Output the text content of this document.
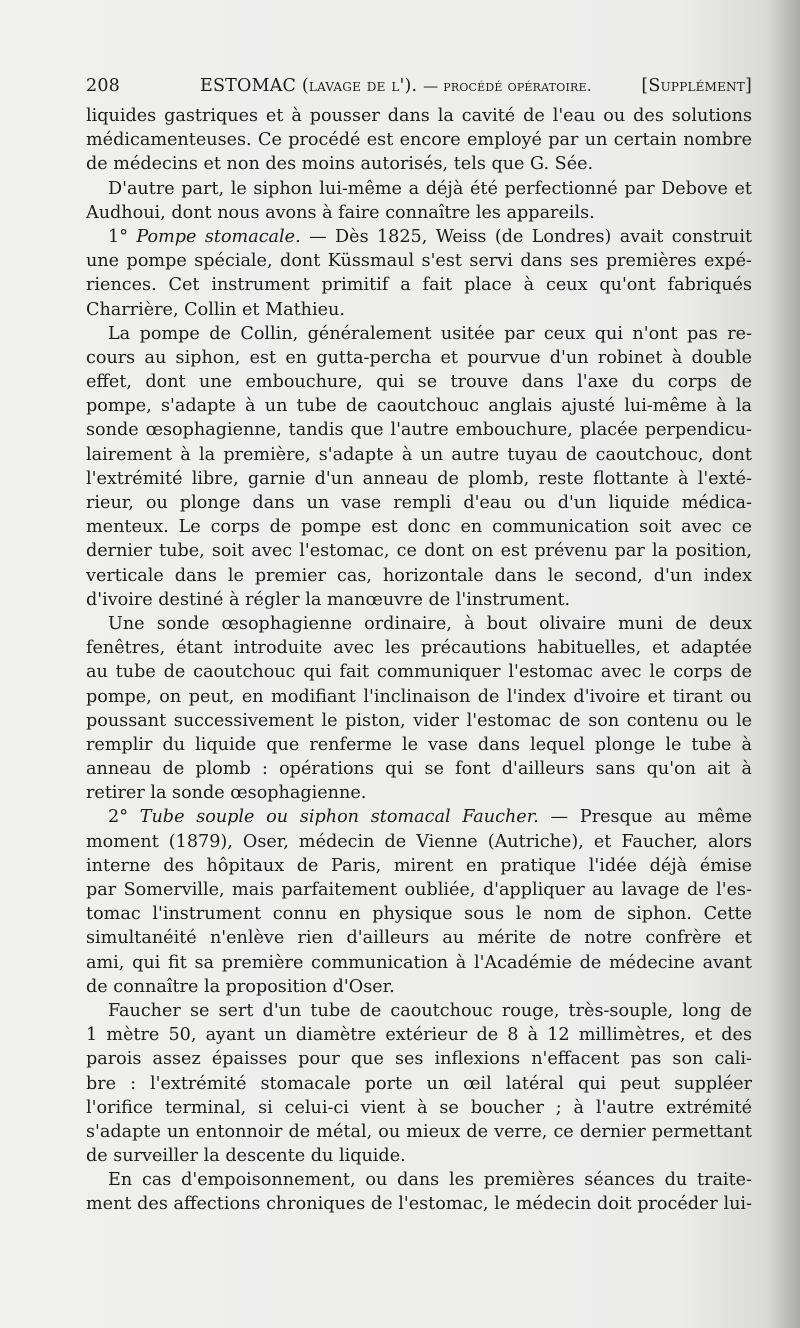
208	ESTOMAC (lavage de l'). — procédé opératoire.	[Supplément]
liquides gastriques et à pousser dans la cavité de l'eau ou des solutions
médicamenteuses. Ce procédé est encore employé par un certain nombre
de médecins et non des moins autorisés, tels que G. Sée.
D'autre part, le siphon lui-même a déjà été perfectionné par Debove et
Audhoui, dont nous avons à faire connaître les appareils.
1° Pompe stomacale. — Dès 1825, Weiss (de Londres) avait construit
une pompe spéciale, dont Küssmaul s'est servi dans ses premières expé-
riences. Cet instrument primitif a fait place à ceux qu'ont fabriqués
Charrière, Collin et Mathieu.
La pompe de Collin, généralement usitée par ceux qui n'ont pas re-
cours au siphon, est en gutta-percha et pourvue d'un robinet à double
effet, dont une embouchure, qui se trouve dans l'axe du corps de
pompe, s'adapte à un tube de caoutchouc anglais ajusté lui-même à la
sonde œsophagienne, tandis que l'autre embouchure, placée perpendicu-
lairement à la première, s'adapte à un autre tuyau de caoutchouc, dont
l'extrémité libre, garnie d'un anneau de plomb, reste flottante à l'exté-
rieur, ou plonge dans un vase rempli d'eau ou d'un liquide médica-
menteux. Le corps de pompe est donc en communication soit avec ce
dernier tube, soit avec l'estomac, ce dont on est prévenu par la position,
verticale dans le premier cas, horizontale dans le second, d'un index
d'ivoire destiné à régler la manœuvre de l'instrument.
Une sonde œsophagienne ordinaire, à bout olivaire muni de deux
fenêtres, étant introduite avec les précautions habituelles, et adaptée
au tube de caoutchouc qui fait communiquer l'estomac avec le corps de
pompe, on peut, en modifiant l'inclinaison de l'index d'ivoire et tirant ou
poussant successivement le piston, vider l'estomac de son contenu ou le
remplir du liquide que renferme le vase dans lequel plonge le tube à
anneau de plomb : opérations qui se font d'ailleurs sans qu'on ait à
retirer la sonde œsophagienne.
2° Tube souple ou siphon stomacal Faucher. — Presque au même
moment (1879), Oser, médecin de Vienne (Autriche), et Faucher, alors
interne des hôpitaux de Paris, mirent en pratique l'idée déjà émise
par Somerville, mais parfaitement oubliée, d'appliquer au lavage de l'es-
tomac l'instrument connu en physique sous le nom de siphon. Cette
simultanéité n'enlève rien d'ailleurs au mérite de notre confrère et
ami, qui fit sa première communication à l'Académie de médecine avant
de connaître la proposition d'Oser.
Faucher se sert d'un tube de caoutchouc rouge, très-souple, long de
1 mètre 50, ayant un diamètre extérieur de 8 à 12 millimètres, et des
parois assez épaisses pour que ses inflexions n'effacent pas son cali-
bre : l'extrémité stomacale porte un œil latéral qui peut suppléer
l'orifice terminal, si celui-ci vient à se boucher ; à l'autre extrémité
s'adapte un entonnoir de métal, ou mieux de verre, ce dernier permettant
de surveiller la descente du liquide.
En cas d'empoisonnement, ou dans les premières séances du traite-
ment des affections chroniques de l'estomac, le médecin doit procéder lui-
